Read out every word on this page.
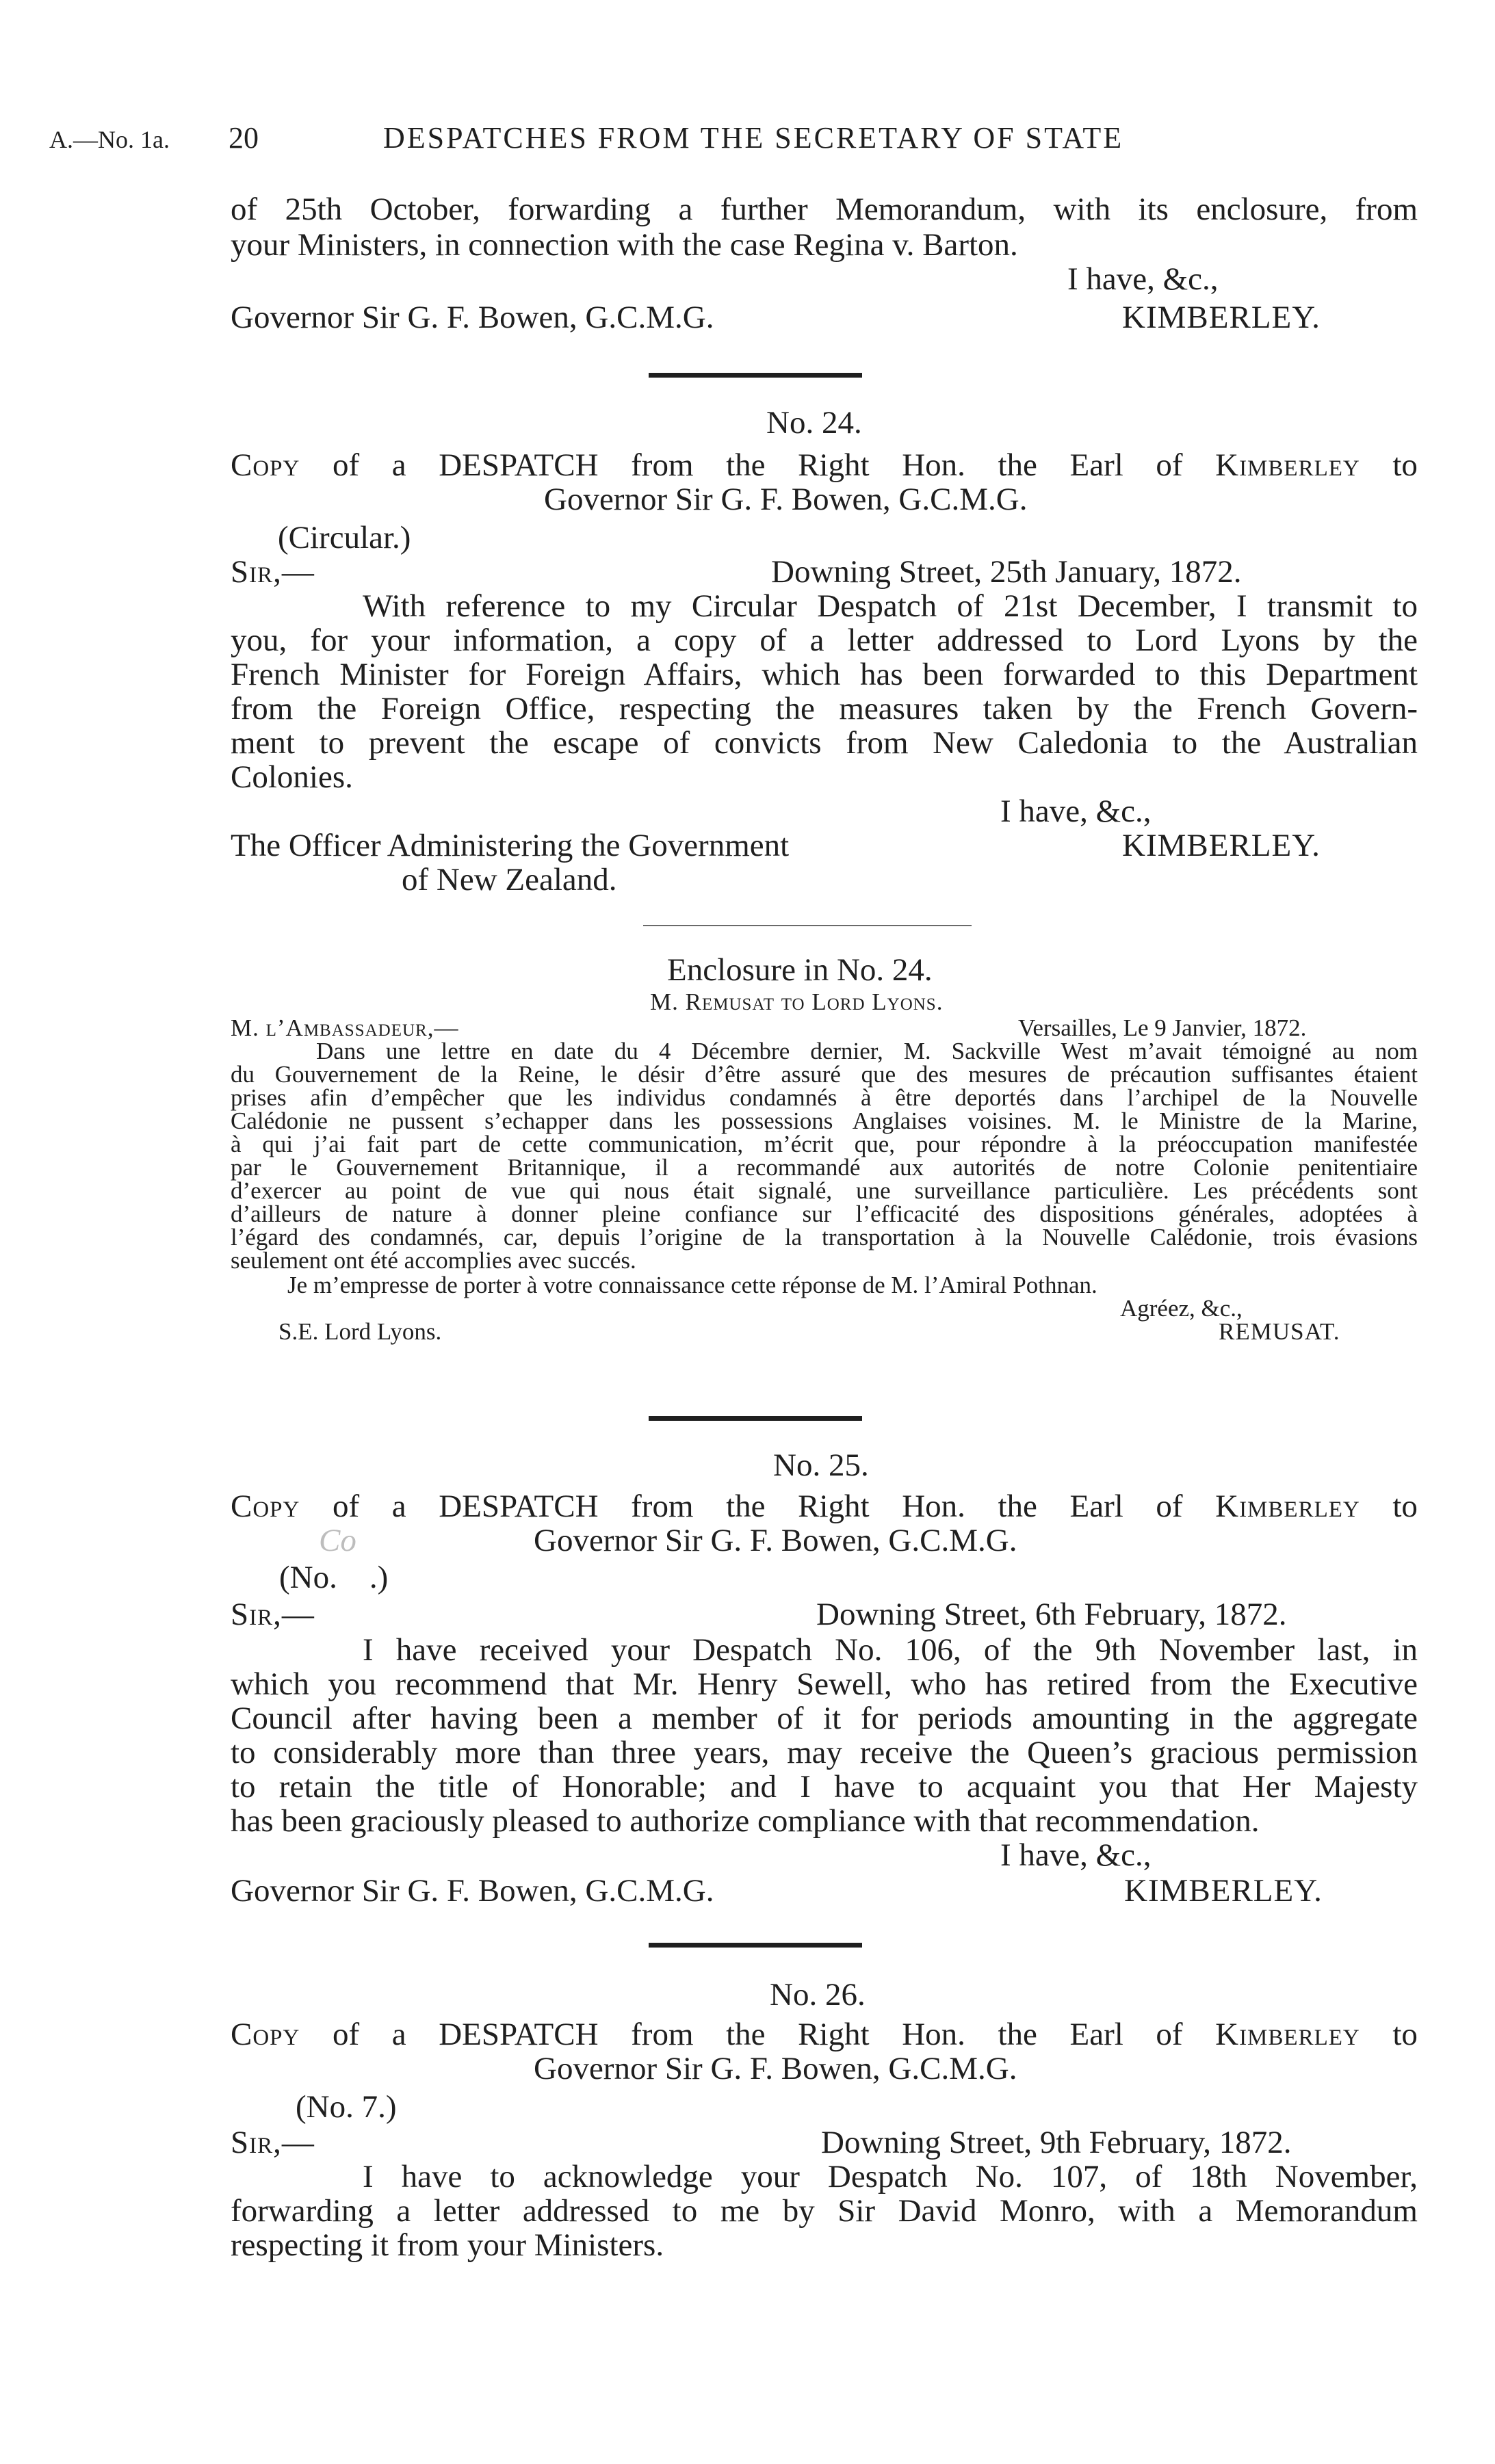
A.—No. 1a. 20	DESPATCHES FROM THE SECRETARY OF STATE
of 25th October, forwarding a further Memorandum, with its enclosure, from
your Ministers, in connection with the case Regina v. Barton.
I have, &c.,
Governor Sir G. F. Bowen, G.C.M.G.	KIMBERLEY.
No. 24.
Copy of a DESPATCH from the Right Hon. the Earl of Kimberley to
Governor Sir G. F. Bowen, G.C.M.G.
(Circular.)
Sir,—	Downing Street, 25th January, 1872.
With reference to my Circular Despatch of 21st December, I transmit to
you, for your information, a copy of a letter addressed to Lord Lyons by the
French Minister for Foreign Affairs, which has been forwarded to this Department
from the Foreign Office, respecting the measures taken by the French Govern-
ment to prevent the escape of convicts from New Caledonia to the Australian
Colonies.
I have, &c.,
The Officer Administering the Government	KIMBERLEY.
of New Zealand.
Enclosure in No. 24.
M. Remusat to Lord Lyons.
M. l’Ambassadeur,—	Versailles, Le 9 Janvier, 1872.
Dans une lettre en date du 4 Décembre dernier, M. Sackville West m’avait témoigné au nom
du Gouvernement de la Reine, le désir d’être assuré que des mesures de précaution suffisantes étaient
prises afin d’empêcher que les individus condamnés à être deportés dans l’archipel de la Nouvelle
Calédonie ne pussent s’echapper dans les possessions Anglaises voisines. M. le Ministre de la Marine,
à qui j’ai fait part de cette communication, m’écrit que, pour répondre à la préoccupation manifestée
par le Gouvernement Britannique, il a recommandé aux autorités de notre Colonie penitentiaire
d’exercer au point de vue qui nous était signalé, une surveillance particulière. Les précédents sont
d’ailleurs de nature à donner pleine confiance sur l’efficacité des dispositions générales, adoptées à
l’égard des condamnés, car, depuis l’origine de la transportation à la Nouvelle Calédonie, trois évasions
seulement ont été accomplies avec succés.
Je m’empresse de porter à votre connaissance cette réponse de M. l’Amiral Pothnan.
Agréez, &c.,
S.E. Lord Lyons.	REMUSAT.
No. 25.
Copy of a DESPATCH from the Right Hon. the Earl of Kimberley to
Co	Governor Sir G. F. Bowen, G.C.M.G.
(No.    .)
Sir,—	Downing Street, 6th February, 1872.
I have received your Despatch No. 106, of the 9th November last, in
which you recommend that Mr. Henry Sewell, who has retired from the Executive
Council after having been a member of it for periods amounting in the aggregate
to considerably more than three years, may receive the Queen’s gracious permission
to retain the title of Honorable; and I have to acquaint you that Her Majesty
has been graciously pleased to authorize compliance with that recommendation.
I have, &c.,
Governor Sir G. F. Bowen, G.C.M.G.	KIMBERLEY.
No. 26.
Copy of a DESPATCH from the Right Hon. the Earl of Kimberley to
Governor Sir G. F. Bowen, G.C.M.G.
(No. 7.)
Sir,—	Downing Street, 9th February, 1872.
I have to acknowledge your Despatch No. 107, of 18th November,
forwarding a letter addressed to me by Sir David Monro, with a Memorandum
respecting it from your Ministers.
